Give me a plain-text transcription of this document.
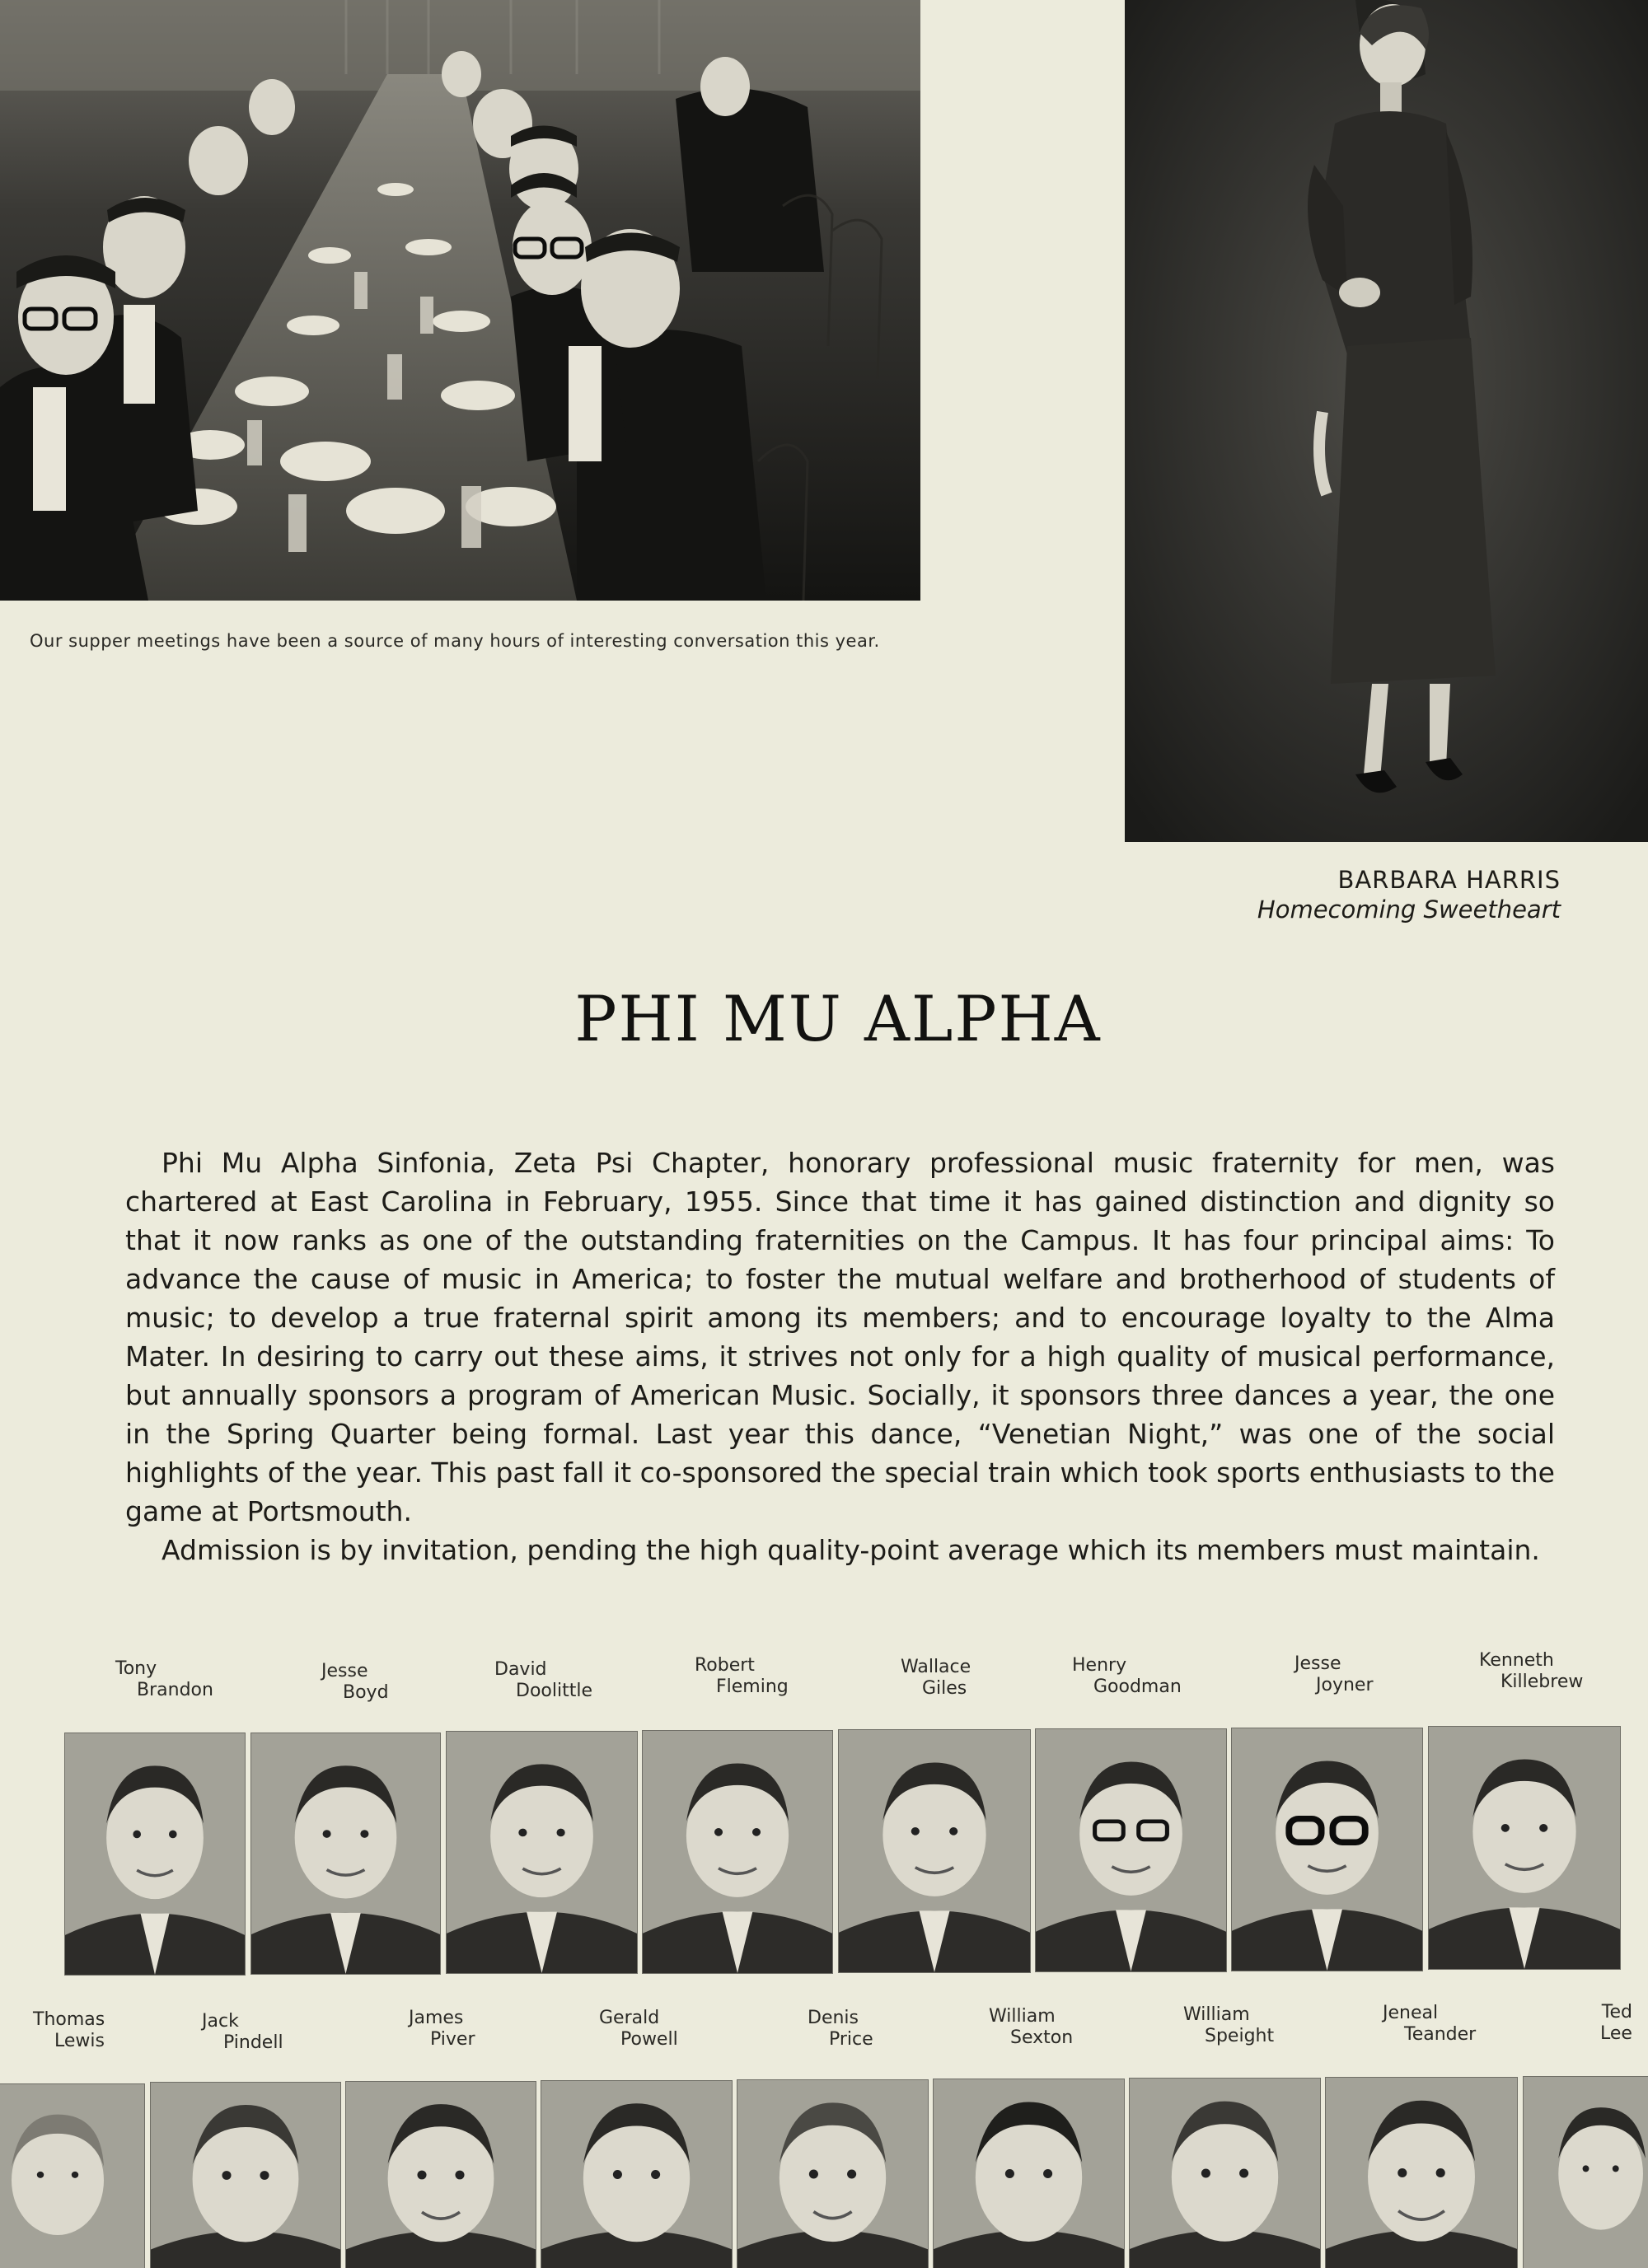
Our supper meetings have been a source of many hours of interesting conversation this year.
BARBARA HARRIS
Homecoming Sweetheart
PHI MU ALPHA

Phi Mu Alpha Sinfonia, Zeta Psi Chapter, honorary professional music fraternity for men, was chartered at East Carolina in February, 1955. Since that time it has gained distinction and dignity so that it now ranks as one of the outstanding fraternities on the Campus. It has four principal aims: To advance the cause of music in America; to foster the mutual welfare and brotherhood of students of music; to develop a true fraternal spirit among its members; and to encourage loyalty to the Alma Mater. In desiring to carry out these aims, it strives not only for a high quality of musical performance, but annually sponsors a program of American Music. Socially, it sponsors three dances a year, the one in the Spring Quarter being formal. Last year this dance, “Venetian Night,” was one of the social highlights of the year. This past fall it co-sponsored the special train which took sports enthusiasts to the game at Portsmouth.

Admission is by invitation, pending the high quality-point average which its members must maintain.

Tony
Brandon
Jesse
Boyd
David
Doolittle
Robert
Fleming
Wallace
Giles
Henry
Goodman
Jesse
Joyner
Kenneth
Killebrew
Thomas
Lewis
Jack
Pindell
James
Piver
Gerald
Powell
Denis
Price
William
Sexton
William
Speight
Jeneal
Teander
Ted
Lee
